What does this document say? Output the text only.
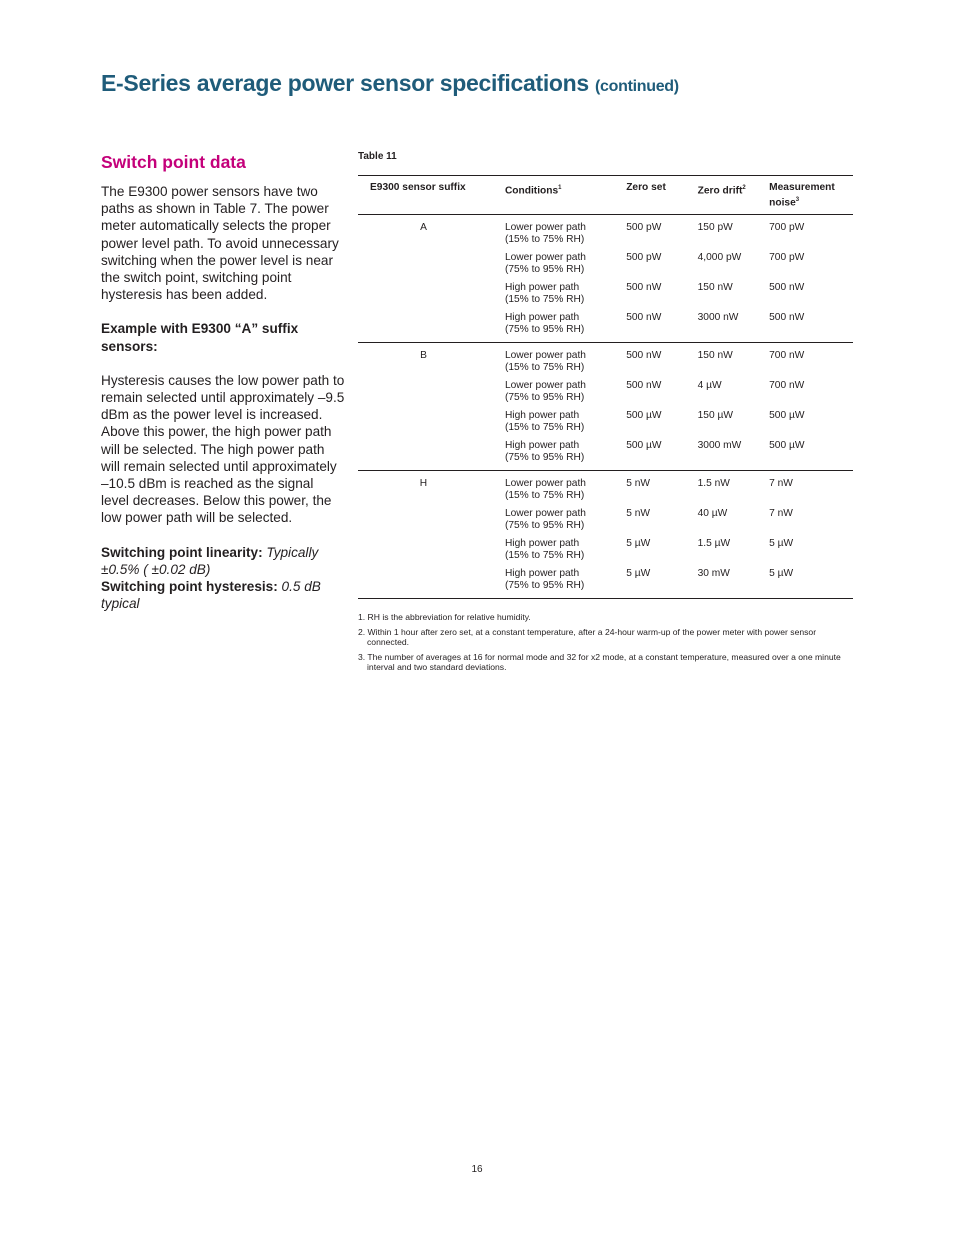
E-Series average power sensor specifications (continued)
Switch point data

The E9300 power sensors have two paths as shown in Table 7. The power meter automatically selects the proper power level path. To avoid unnecessary switching when the power level is near the switch point, switching point hysteresis has been added.

Example with E9300 “A” suffix sensors:

Hysteresis causes the low power path to remain selected until approximately –9.5 dBm as the power level is increased. Above this power, the high power path will be selected. The high power path will remain selected until approximately –10.5 dBm is reached as the signal level decreases. Below this power, the low power path will be selected.

Switching point linearity: Typically ±0.5% ( ±0.02 dB)

Switching point hysteresis: 0.5 dB typical

Table 11
E9300 sensor suffix	Conditions$^1$	Zero set	Zero drift$^2$	Measurement
noise$^3$
A	Lower power path
(15% to 75% RH)	500 pW	150 pW	700 pW
	Lower power path
(75% to 95% RH)	500 pW	4,000 pW	700 pW
	High power path
(15% to 75% RH)	500 nW	150 nW	500 nW
	High power path
(75% to 95% RH)	500 nW	3000 nW	500 nW
B	Lower power path
(15% to 75% RH)	500 nW	150 nW	700 nW
	Lower power path
(75% to 95% RH)	500 nW	4 µW	700 nW
	High power path
(15% to 75% RH)	500 µW	150 µW	500 µW
	High power path
(75% to 95% RH)	500 µW	3000 mW	500 µW
H	Lower power path
(15% to 75% RH)	5 nW	1.5 nW	7 nW
	Lower power path
(75% to 95% RH)	5 nW	40 µW	7 nW
	High power path
(15% to 75% RH)	5 µW	1.5 µW	5 µW
	High power path
(75% to 95% RH)	5 µW	30 mW	5 µW
1. RH is the abbreviation for relative humidity.
2. Within 1 hour after zero set, at a constant temperature, after a 24-hour warm-up of the power meter with power sensor connected.
3. The number of averages at 16 for normal mode and 32 for x2 mode, at a constant temperature, measured over a one minute interval and two standard deviations.
16
